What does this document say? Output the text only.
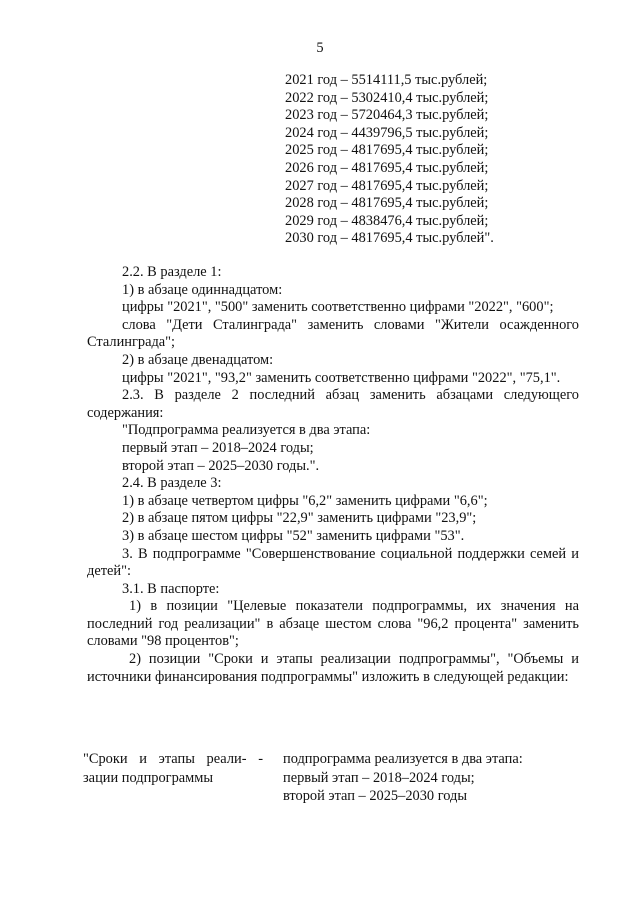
5
2021 год – 5514111,5 тыс.рублей;
2022 год – 5302410,4 тыс.рублей;
2023 год – 5720464,3 тыс.рублей;
2024 год – 4439796,5 тыс.рублей;
2025 год – 4817695,4 тыс.рублей;
2026 год – 4817695,4 тыс.рублей;
2027 год – 4817695,4 тыс.рублей;
2028 год – 4817695,4 тыс.рублей;
2029 год – 4838476,4 тыс.рублей;
2030 год – 4817695,4 тыс.рублей".

2.2. В разделе 1:

1) в абзаце одиннадцатом:

цифры "2021", "500" заменить соответственно цифрами "2022", "600";

слова "Дети Сталинграда" заменить словами "Жители осажденного Сталинграда";

2) в абзаце двенадцатом:

цифры "2021", "93,2" заменить соответственно цифрами "2022", "75,1".

2.3. В разделе 2 последний абзац заменить абзацами следующего содержания:

"Подпрограмма реализуется в два этапа:

первый этап – 2018–2024 годы;

второй этап – 2025–2030 годы.".

2.4. В разделе 3:

1) в абзаце четвертом цифры "6,2" заменить цифрами "6,6";

2) в абзаце пятом цифры "22,9" заменить цифрами "23,9";

3) в абзаце шестом цифры "52" заменить цифрами "53".

3. В подпрограмме "Совершенствование социальной поддержки семей и детей":

3.1. В паспорте:

1) в позиции "Целевые показатели подпрограммы, их значения на последний год реализации" в абзаце шестом слова "96,2 процента" заменить словами "98 процентов";

2) позиции "Сроки и этапы реализации подпрограммы", "Объемы и источники финансирования подпрограммы" изложить в следующей редакции:

"Сроки и этапы реали- - зации подпрограммы
подпрограмма реализуется в два этапа:
первый этап – 2018–2024 годы;
второй этап – 2025–2030 годы
